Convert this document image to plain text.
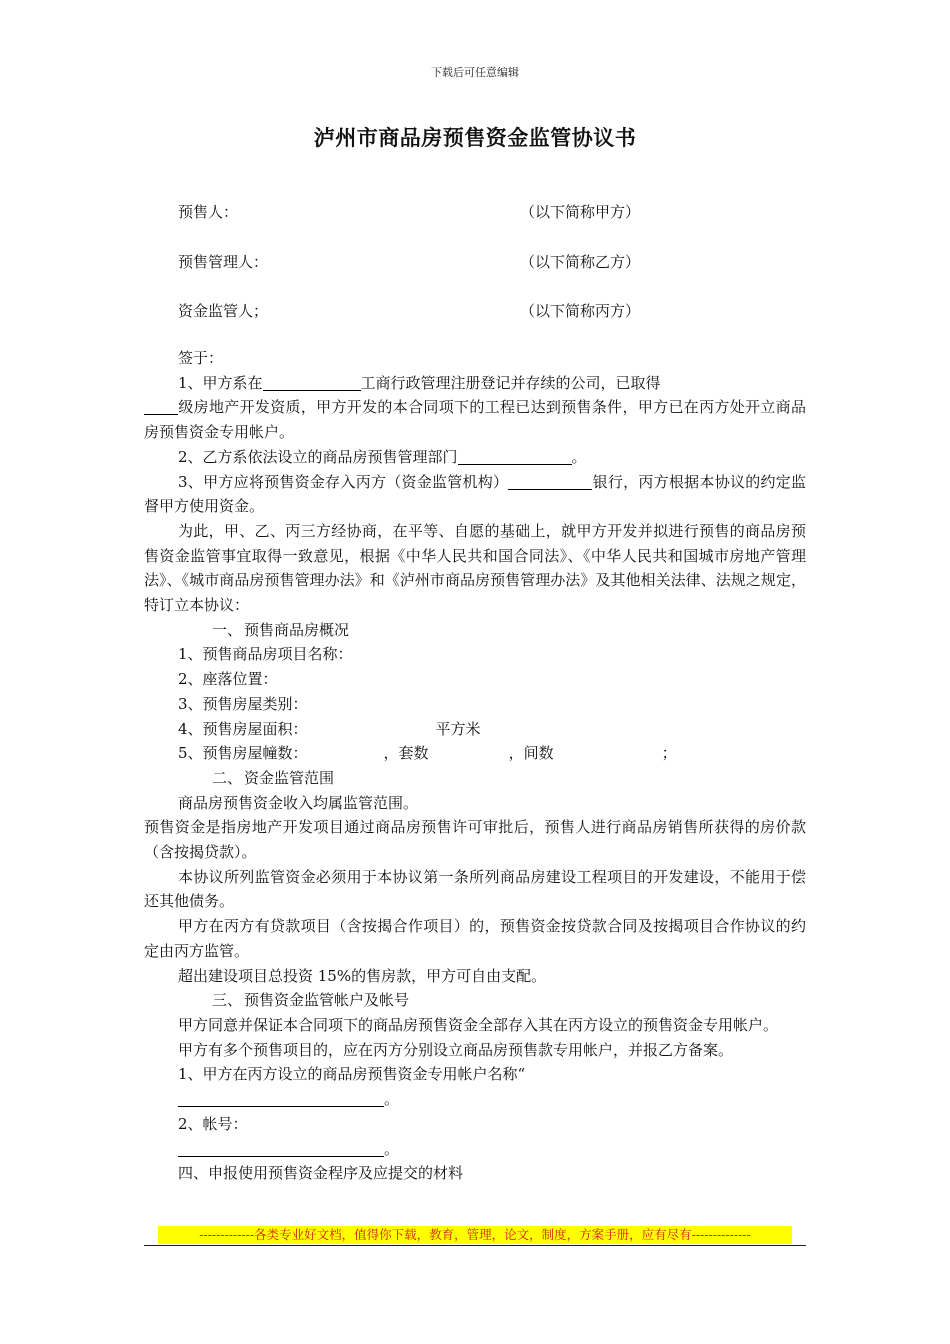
下载后可任意编辑
泸州市商品房预售资金监管协议书
预售人：	（以下简称甲方）
预售管理人：	（以下简称乙方）
资金监管人；	（以下简称丙方）

签于：

1、甲方系在	工商行政管理注册登记并存续的公司，已取得
级房地产开发资质，甲方开发的本合同项下的工程已达到预售条件，甲方已在丙方处开立商品房预售资金专用帐户。

2、乙方系依法设立的商品房预售管理部门	。

3、甲方应将预售资金存入丙方（资金监管机构）	银行，丙方根据本协议的约定监督甲方使用资金。

为此，甲、乙、丙三方经协商，在平等、自愿的基础上，就甲方开发并拟进行预售的商品房预售资金监管事宜取得一致意见，根据《中华人民共和国合同法》、《中华人民共和国城市房地产管理法》、《城市商品房预售管理办法》和《泸州市商品房预售管理办法》及其他相关法律、法规之规定，特订立本协议：

一、 预售商品房概况

1、预售商品房项目名称：

2、座落位置：

3、预售房屋类别：

4、预售房屋面积：	平方米

5、预售房屋幢数：	，套数	，间数	；

二、 资金监管范围

商品房预售资金收入均属监管范围。

预售资金是指房地产开发项目通过商品房预售许可审批后，预售人进行商品房销售所获得的房价款（含按揭贷款）。

本协议所列监管资金必须用于本协议第一条所列商品房建设工程项目的开发建设，不能用于偿还其他债务。

甲方在丙方有贷款项目（含按揭合作项目）的，预售资金按贷款合同及按揭项目合作协议的约定由丙方监管。

超出建设项目总投资 15%的售房款，甲方可自由支配。

三、 预售资金监管帐户及帐号

甲方同意并保证本合同项下的商品房预售资金全部存入其在丙方设立的预售资金专用帐户。

甲方有多个预售项目的，应在丙方分别设立商品房预售款专用帐户，并报乙方备案。

1、甲方在丙方设立的商品房预售资金专用帐户名称“

。

2、帐号：

。

四、申报使用预售资金程序及应提交的材料

-------------各类专业好文档，值得你下载，教育，管理，论文，制度，方案手册，应有尽有--------------
